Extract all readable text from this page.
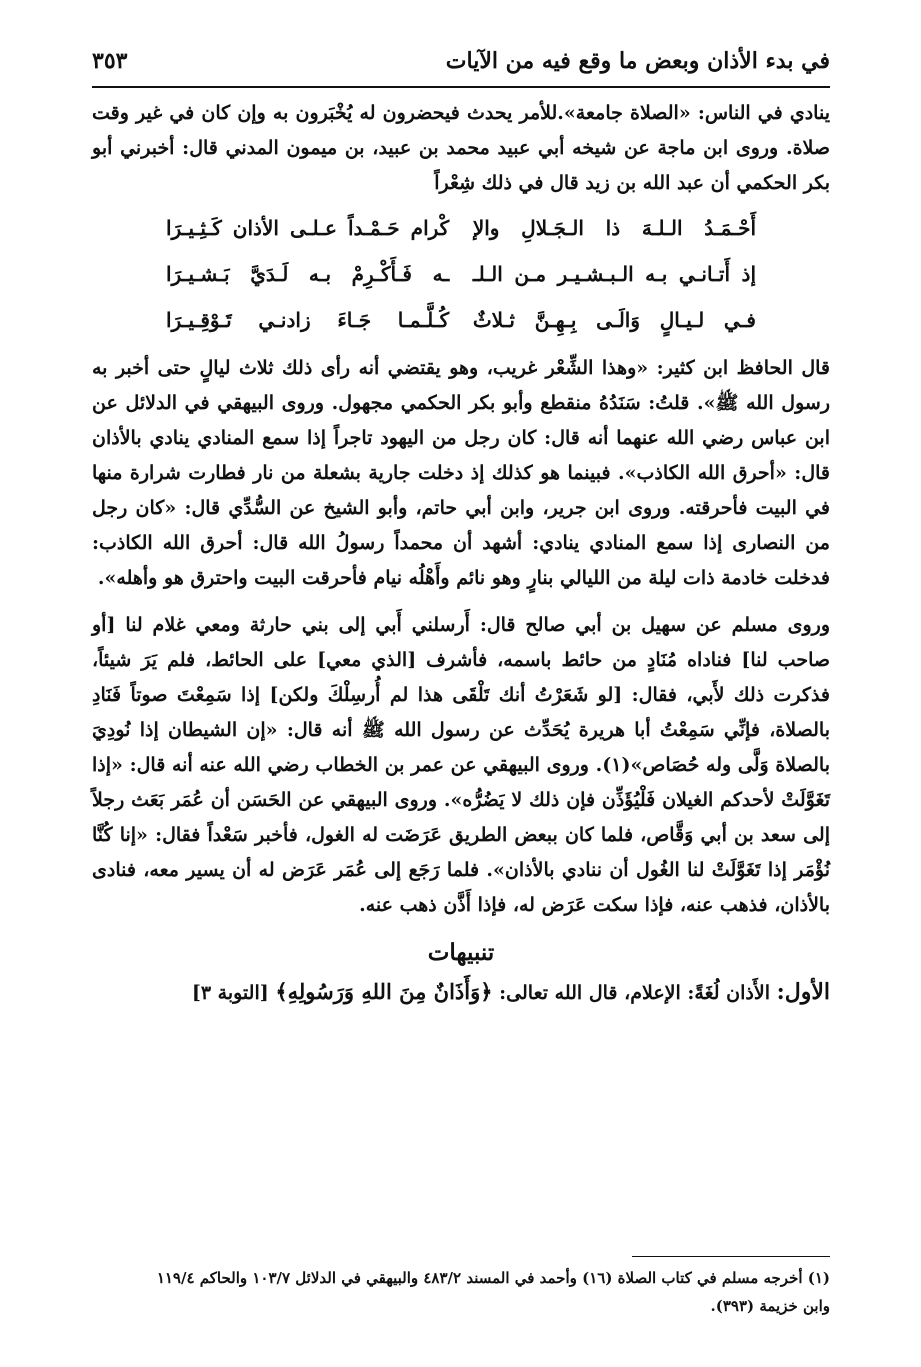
في بدء الأذان وبعض ما وقع فيه من الآيات
٣٥٣

ينادي في الناس: «الصلاة جامعة».للأمر يحدث فيحضرون له يُخْبَرون به وإن كان في غير وقت صلاة. وروى ابن ماجة عن شيخه أبي عبيد محمد بن عبيد، بن ميمون المدني قال: أخبرني أبو بكر الحكمي أن عبد الله بن زيد قال في ذلك شِعْراً

أَحْـمَـدُ الـلـهَ ذا الـجَـلالِ والإ
كْرام حَـمْـداً عـلـى الأذان كَـثِـيـرَا
إذ أَتـانـي بـه الـبـشـيـر مـن الـلـ
ـه فَـأَكْـرِمْ بـه لَـدَيَّ بَـشـيـرَا
فـي لـيـالٍ وَالَـى بِـهِـنَّ ثـلاثٌ
كُـلَّـمـا جَـاءَ زادنـي تَـوْقِـيـرَا

قال الحافظ ابن كثير: «وهذا الشِّعْر غريب، وهو يقتضي أنه رأى ذلك ثلاث ليالٍ حتى أخبر به رسول الله ﷺ». قلتُ: سَنَدُهُ منقطع وأبو بكر الحكمي مجهول. وروى البيهقي في الدلائل عن ابن عباس رضي الله عنهما أنه قال: كان رجل من اليهود تاجراً إذا سمع المنادي ينادي بالأذان قال: «أحرق الله الكاذب». فبينما هو كذلك إذ دخلت جارية بشعلة من نار فطارت شرارة منها في البيت فأحرقته. وروى ابن جرير، وابن أبي حاتم، وأبو الشيخ عن السُّدِّي قال: «كان رجل من النصارى إذا سمع المنادي ينادي: أشهد أن محمداً رسولُ الله قال: أحرق الله الكاذب: فدخلت خادمة ذات ليلة من الليالي بنارٍ وهو نائم وأَهْلُه نيام فأحرقت البيت واحترق هو وأهله».

وروى مسلم عن سهيل بن أبي صالح قال: أَرسلني أَبي إلى بني حارثة ومعي غلام لنا [أو صاحب لنا] فناداه مُنَادٍ من حائط باسمه، فأشرف [الذي معي] على الحائط، فلم يَرَ شيئاً، فذكرت ذلك لأَبي، فقال: [لو شَعَرْتُ أنك تَلْقَى هذا لم أُرسِلْكَ ولكن] إذا سَمِعْتَ صوتاً فَنَادِ بالصلاة، فإنِّي سَمِعْتُ أبا هريرة يُحَدِّث عن رسول الله ﷺ أنه قال: «إن الشيطان إذا نُودِيَ بالصلاة وَلَّى وله حُصَاص»(١). وروى البيهقي عن عمر بن الخطاب رضي الله عنه أنه قال: «إذا تَغَوَّلَتْ لأحدكم الغيلان فَلْيُؤَذِّن فإن ذلك لا يَضُرُّه». وروى البيهقي عن الحَسَن أن عُمَر بَعَث رجلاً إلى سعد بن أبي وَقَّاص، فلما كان ببعض الطريق عَرَضَت له الغول، فأخبر سَعْداً فقال: «إنا كُنَّا نُؤْمَر إذا تَغَوَّلَتْ لنا الغُول أن ننادي بالأذان». فلما رَجَع إلى عُمَر عَرَض له أن يسير معه، فنادى بالأذان، فذهب عنه، فإذا سكت عَرَض له، فإذا أَذَّن ذهب عنه.

تنبيهات

الأول: الأَذان لُغَةً: الإعلام، قال الله تعالى: ﴿وَأَذَانٌ مِنَ اللهِ وَرَسُولِهِ﴾ [التوبة ٣]

(١) أخرجه مسلم في كتاب الصلاة (١٦) وأحمد في المسند ٤٨٣/٢ والبيهقي في الدلائل ١٠٣/٧ والحاكم ١١٩/٤

وابن خزيمة (٣٩٣).
